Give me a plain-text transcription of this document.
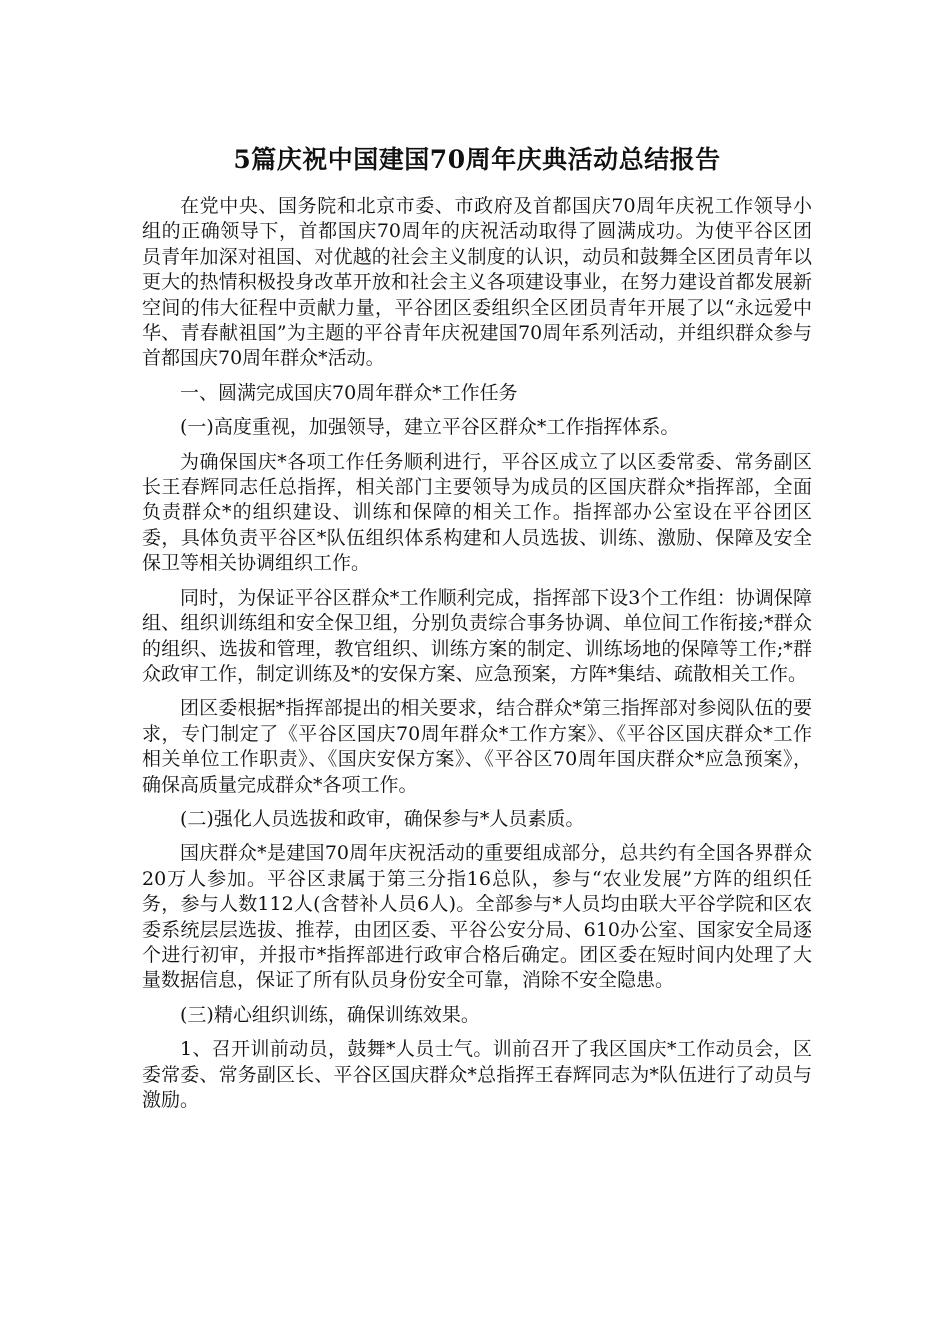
5篇庆祝中国建国70周年庆典活动总结报告

在党中央、国务院和北京市委、市政府及首都国庆70周年庆祝工作领导小组的正确领导下，首都国庆70周年的庆祝活动取得了圆满成功。为使平谷区团员青年加深对祖国、对优越的社会主义制度的认识，动员和鼓舞全区团员青年以更大的热情积极投身改革开放和社会主义各项建设事业，在努力建设首都发展新空间的伟大征程中贡献力量，平谷团区委组织全区团员青年开展了以“永远爱中华、青春献祖国”为主题的平谷青年庆祝建国70周年系列活动，并组织群众参与首都国庆70周年群众*活动。

一、圆满完成国庆70周年群众*工作任务

(一)高度重视，加强领导，建立平谷区群众*工作指挥体系。

为确保国庆*各项工作任务顺利进行，平谷区成立了以区委常委、常务副区长王春辉同志任总指挥，相关部门主要领导为成员的区国庆群众*指挥部，全面负责群众*的组织建设、训练和保障的相关工作。指挥部办公室设在平谷团区委，具体负责平谷区*队伍组织体系构建和人员选拔、训练、激励、保障及安全保卫等相关协调组织工作。

同时，为保证平谷区群众*工作顺利完成，指挥部下设3个工作组：协调保障组、组织训练组和安全保卫组，分别负责综合事务协调、单位间工作衔接;*群众的组织、选拔和管理，教官组织、训练方案的制定、训练场地的保障等工作;*群众政审工作，制定训练及*的安保方案、应急预案，方阵*集结、疏散相关工作。

团区委根据*指挥部提出的相关要求，结合群众*第三指挥部对参阅队伍的要求，专门制定了《平谷区国庆70周年群众*工作方案》、《平谷区国庆群众*工作相关单位工作职责》、《国庆安保方案》、《平谷区70周年国庆群众*应急预案》，确保高质量完成群众*各项工作。

(二)强化人员选拔和政审，确保参与*人员素质。

国庆群众*是建国70周年庆祝活动的重要组成部分，总共约有全国各界群众20万人参加。平谷区隶属于第三分指16总队，参与“农业发展”方阵的组织任务，参与人数112人(含替补人员6人)。全部参与*人员均由联大平谷学院和区农委系统层层选拔、推荐，由团区委、平谷公安分局、610办公室、国家安全局逐个进行初审，并报市*指挥部进行政审合格后确定。团区委在短时间内处理了大量数据信息，保证了所有队员身份安全可靠，消除不安全隐患。

(三)精心组织训练，确保训练效果。

1、召开训前动员，鼓舞*人员士气。训前召开了我区国庆*工作动员会，区委常委、常务副区长、平谷区国庆群众*总指挥王春辉同志为*队伍进行了动员与激励。
